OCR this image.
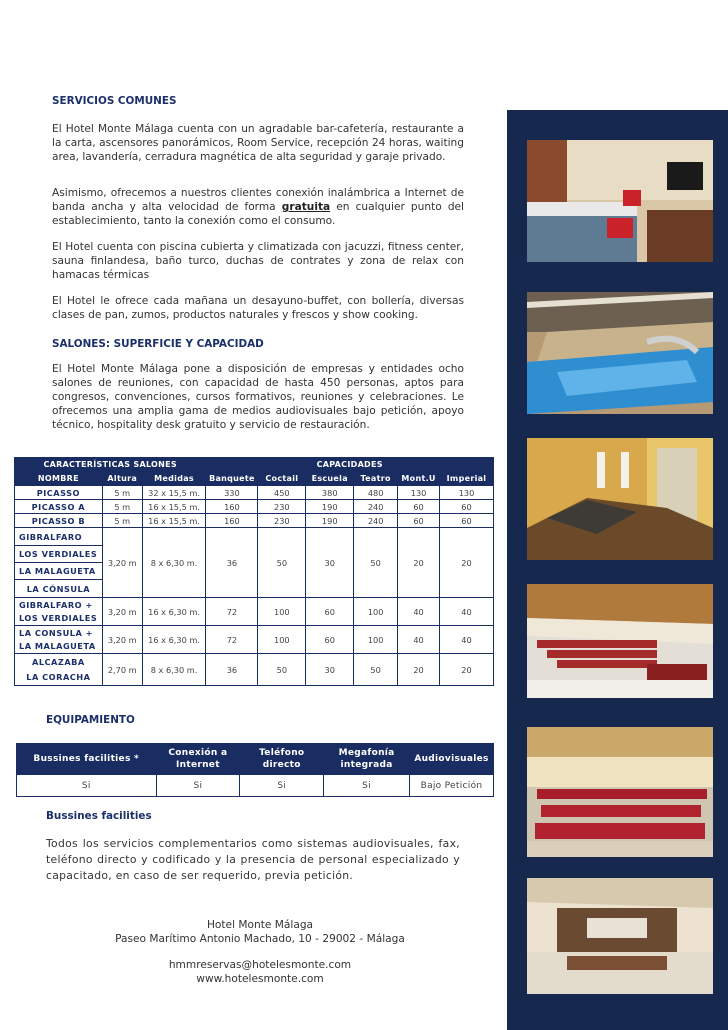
SERVICIOS COMUNES

El Hotel Monte Málaga cuenta con un agradable bar-cafetería, restaurante a la carta, ascensores panorámicos, Room Service, recepción 24 horas, waiting area, lavandería, cerradura magnética de alta seguridad y garaje privado.

Asimismo, ofrecemos a nuestros clientes conexión inalámbrica a Internet de banda ancha y alta velocidad de forma gratuita en cualquier punto del establecimiento, tanto la conexión como el consumo.

El Hotel cuenta con piscina cubierta y climatizada con jacuzzi, fitness center, sauna finlandesa, baño turco, duchas de contrates y zona de relax con hamacas térmicas

El Hotel le ofrece cada mañana un desayuno-buffet, con bollería, diversas clases de pan, zumos, productos naturales y frescos y show cooking.

SALONES: SUPERFICIE Y CAPACIDAD

El Hotel Monte Málaga pone a disposición de empresas y entidades ocho salones de reuniones, con capacidad de hasta 450 personas, aptos para congresos, convenciones, cursos formativos, reuniones y celebraciones. Le ofrecemos una amplia gama de medios audiovisuales bajo petición, apoyo técnico, hospitality desk gratuito y servicio de restauración.

CARACTERÍSTICAS SALONES			CAPACIDADES					
NOMBRE	Altura	Medidas	Banquete	Coctail	Escuela	Teatro	Mont.U	Imperial
PICASSO	5 m	32 x 15,5 m.	330	450	380	480	130	130
PICASSO A	5 m	16 x 15,5 m.	160	230	190	240	60	60
PICASSO B	5 m	16 x 15,5 m.	160	230	190	240	60	60
GIBRALFARO	3,20 m	8 x 6,30 m.	36	50	30	50	20	20
LOS VERDIALES								
LA MALAGUETA								
LA CÓNSULA								

GIBRALFARO +
LOS VERDIALES	3,20 m	16 x 6,30 m.	72	100	60	100	40	40

LA CONSULA +
LA MALAGUETA	3,20 m	16 x 6,30 m.	72	100	60	100	40	40

ALCAZABA
LA CORACHA	2,70 m	8 x 6,30 m.	36	50	30	50	20	20
EQUIPAMIENTO
Bussines facilities *	Conexión a Internet	Teléfono directo	Megafonía integrada	Audiovisuales
Si	Si	Si	Si	Bajo Petición
Bussines facilities

Todos los servicios complementarios como sistemas audiovisuales, fax, teléfono directo y codificado y la presencia de personal especializado y capacitado, en caso de ser requerido, previa petición.

Hotel Monte Málaga
Paseo Marítimo Antonio Machado, 10 - 29002 - Málaga
hmmreservas@hotelesmonte.com
www.hotelesmonte.com
